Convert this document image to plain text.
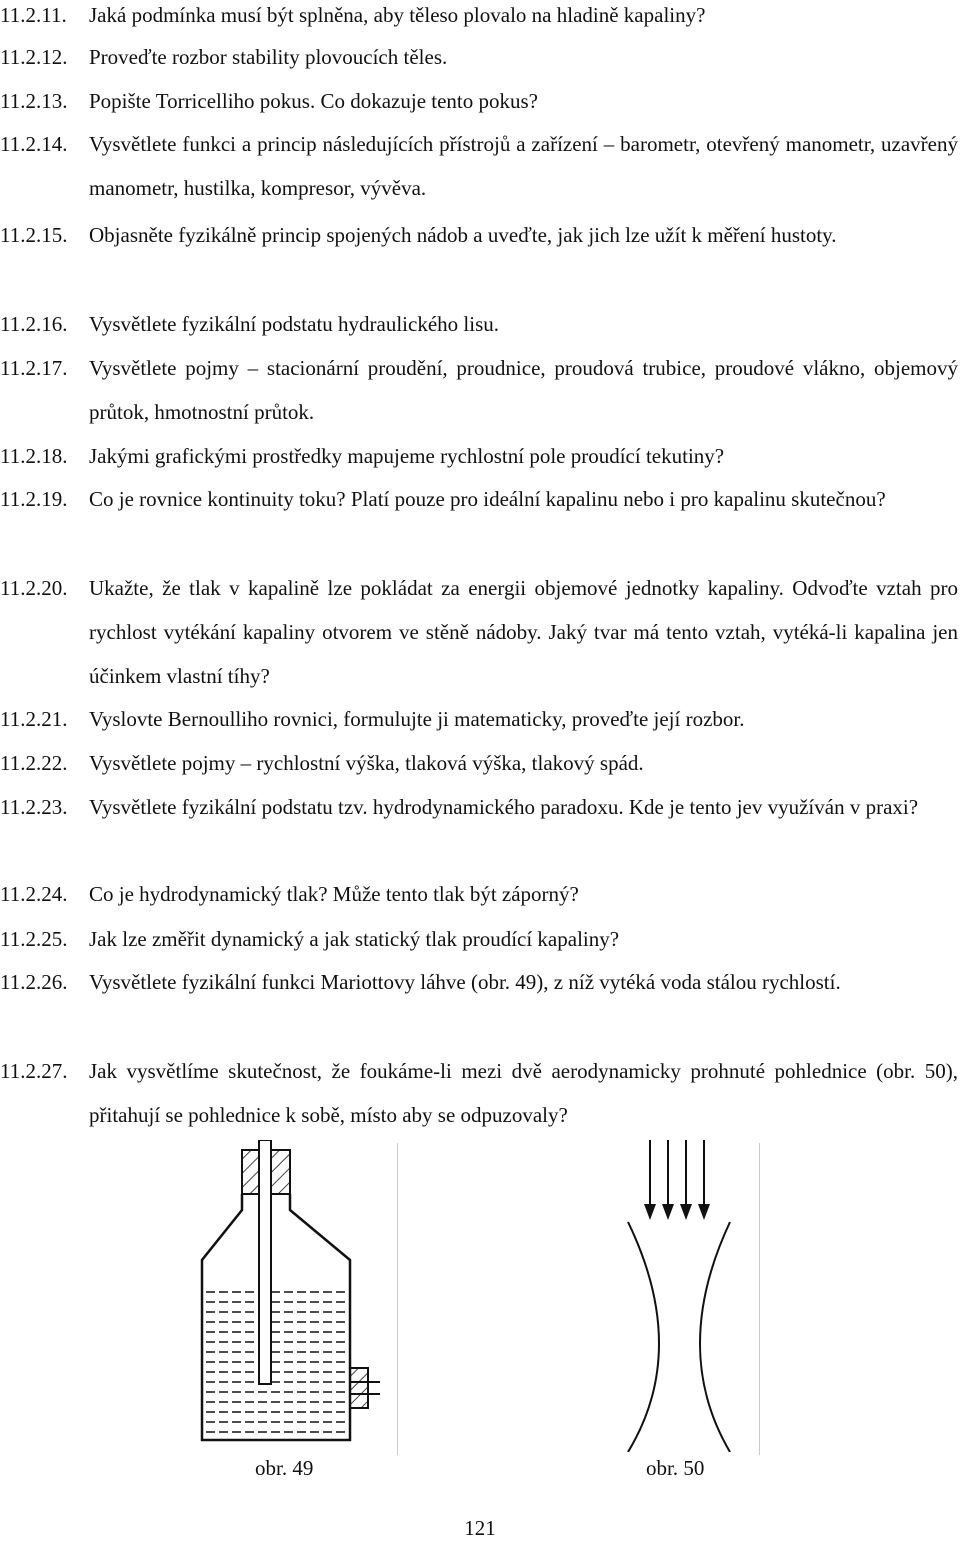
11.2.11. Jaká podmínka musí být splněna, aby těleso plovalo na hladině kapaliny?
11.2.12. Proveďte rozbor stability plovoucích těles.
11.2.13. Popište Torricelliho pokus. Co dokazuje tento pokus?
11.2.14. Vysvětlete funkci a princip následujících přístrojů a zařízení – barometr, otevřený manometr, uzavřený manometr, hustilka, kompresor, vývěva.
11.2.15. Objasněte fyzikálně princip spojených nádob a uveďte, jak jich lze užít k měření hustoty.
11.2.16. Vysvětlete fyzikální podstatu hydraulického lisu.
11.2.17. Vysvětlete pojmy – stacionární proudění, proudnice, proudová trubice, proudové vlákno, objemový průtok, hmotnostní průtok.
11.2.18. Jakými grafickými prostředky mapujeme rychlostní pole proudící tekutiny?
11.2.19. Co je rovnice kontinuity toku? Platí pouze pro ideální kapalinu nebo i pro kapalinu skutečnou?
11.2.20. Ukažte, že tlak v kapalině lze pokládat za energii objemové jednotky kapaliny. Odvoďte vztah pro rychlost vytékání kapaliny otvorem ve stěně nádoby. Jaký tvar má tento vztah, vytéká-li kapalina jen účinkem vlastní tíhy?
11.2.21. Vyslovte Bernoulliho rovnici, formulujte ji matematicky, proveďte její rozbor.
11.2.22. Vysvětlete pojmy – rychlostní výška, tlaková výška, tlakový spád.
11.2.23. Vysvětlete fyzikální podstatu tzv. hydrodynamického paradoxu. Kde je tento jev využíván v praxi?
11.2.24. Co je hydrodynamický tlak? Může tento tlak být záporný?
11.2.25. Jak lze změřit dynamický a jak statický tlak proudící kapaliny?
11.2.26. Vysvětlete fyzikální funkci Mariottovy láhve (obr. 49), z níž vytéká voda stálou rychlostí.
11.2.27. Jak vysvětlíme skutečnost, že foukáme-li mezi dvě aerodynamicky prohnuté pohlednice (obr. 50), přitahují se pohlednice k sobě, místo aby se odpuzovaly?
obr. 49	obr. 50
121
